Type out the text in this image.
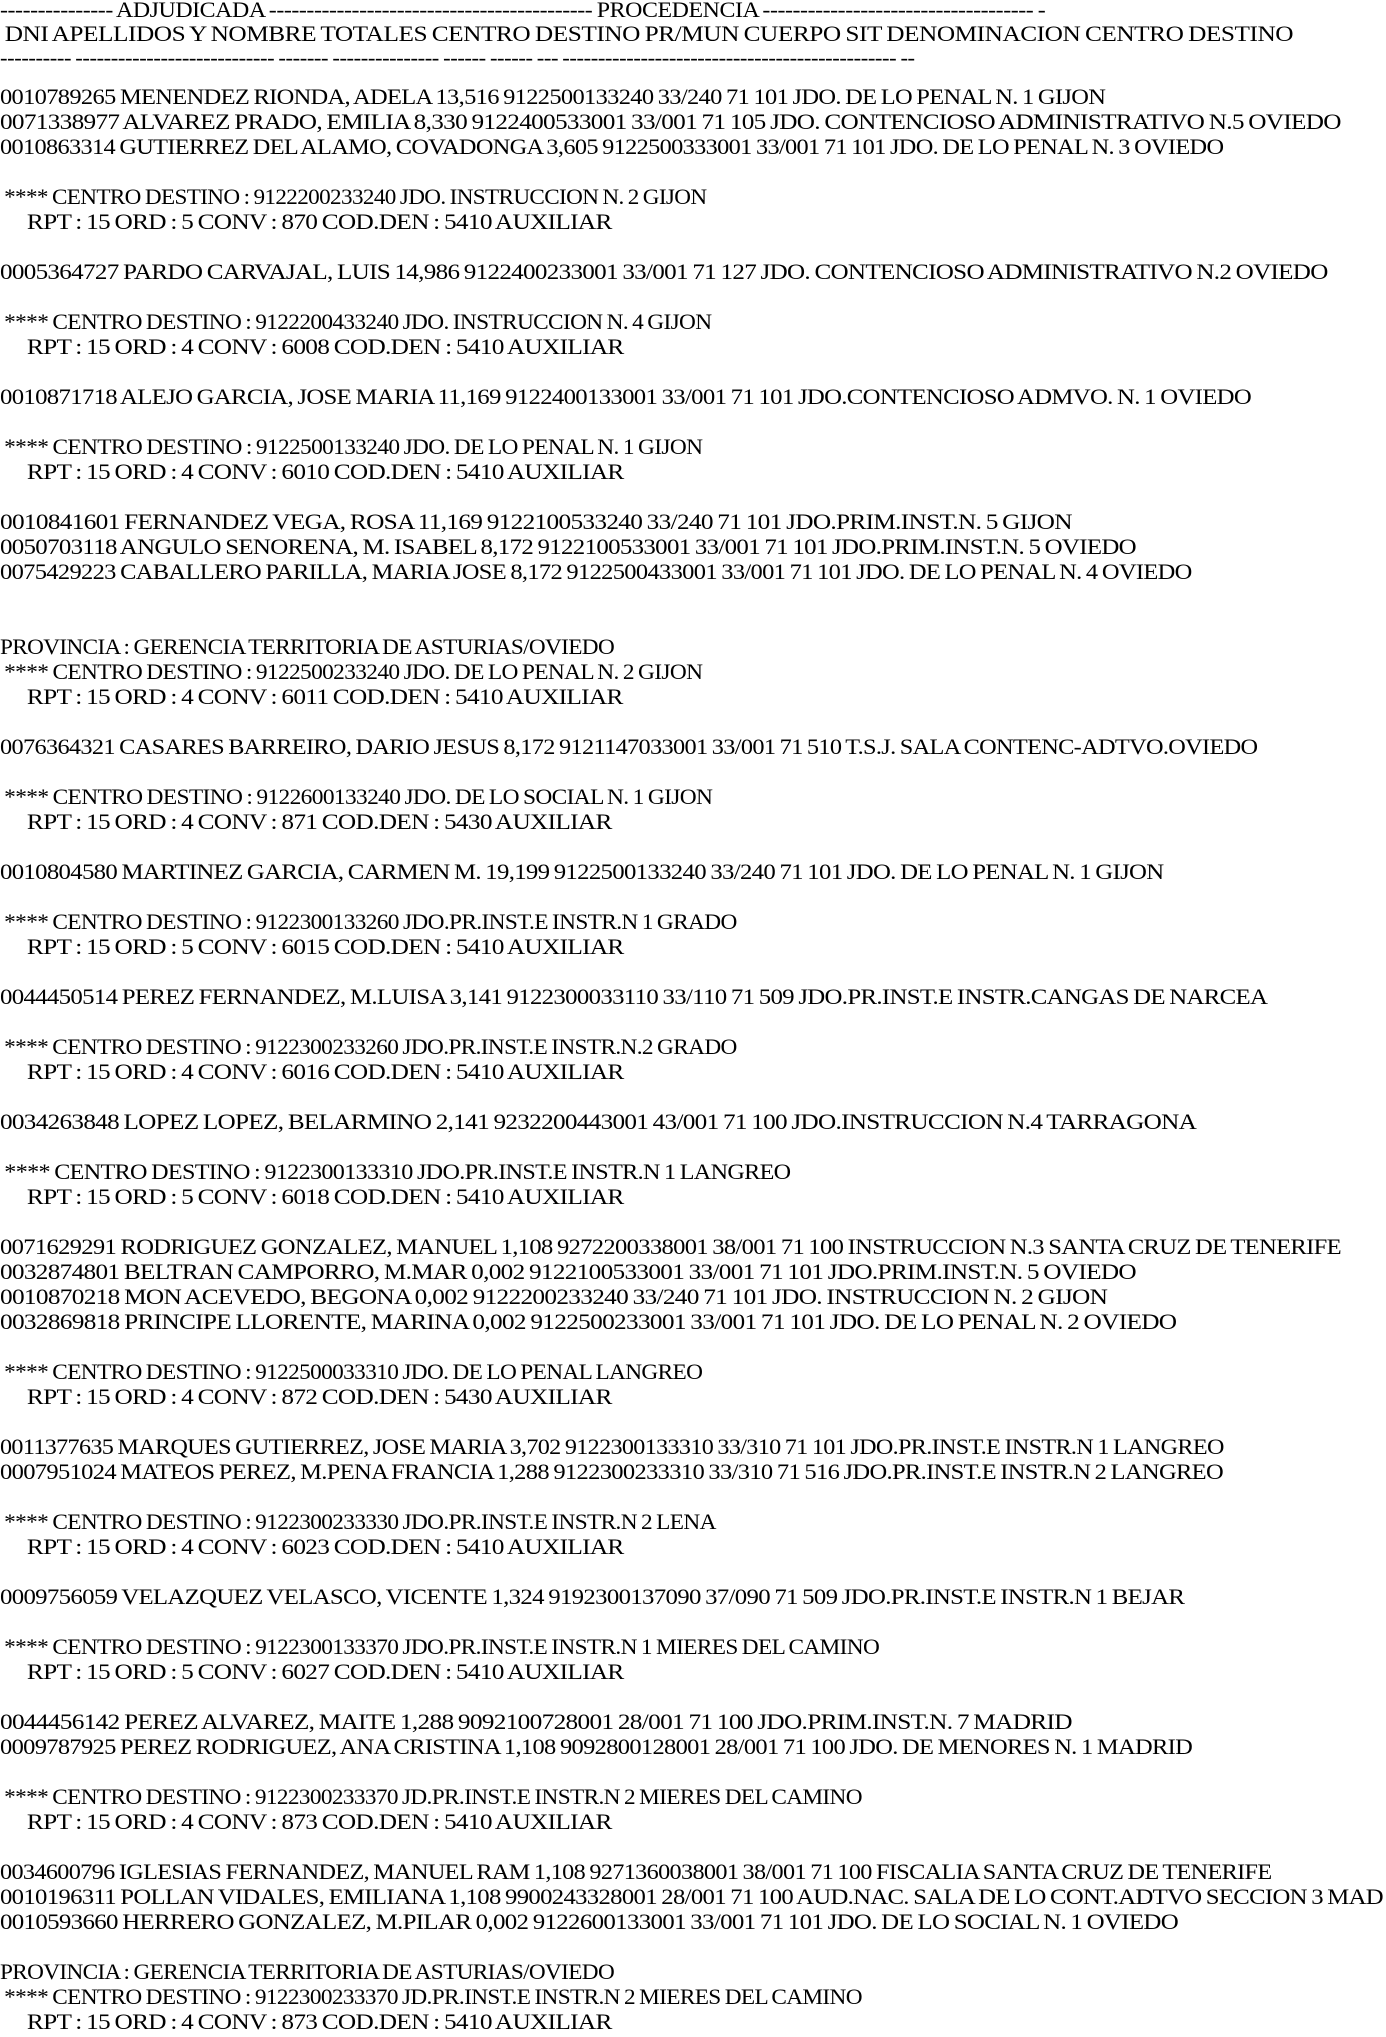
--------------- ADJUDICADA ------------------------------------------- PROCEDENCIA ------------------------------------ -
DNI APELLIDOS Y NOMBRE TOTALES CENTRO DESTINO PR/MUN CUERPO SIT DENOMINACION CENTRO DESTINO
---------- ---------------------------- ------- --------------- ------ ------ --- ----------------------------------------------- --
0010789265 MENENDEZ RIONDA, ADELA 13,516 9122500133240 33/240 71 101 JDO. DE LO PENAL N. 1 GIJON
0071338977 ALVAREZ PRADO, EMILIA 8,330 9122400533001 33/001 71 105 JDO. CONTENCIOSO ADMINISTRATIVO N.5 OVIEDO
0010863314 GUTIERREZ DEL ALAMO, COVADONGA 3,605 9122500333001 33/001 71 101 JDO. DE LO PENAL N. 3 OVIEDO
**** CENTRO DESTINO : 9122200233240 JDO. INSTRUCCION N. 2 GIJON
RPT : 15 ORD : 5 CONV : 870 COD.DEN : 5410 AUXILIAR
0005364727 PARDO CARVAJAL, LUIS 14,986 9122400233001 33/001 71 127 JDO. CONTENCIOSO ADMINISTRATIVO N.2 OVIEDO
**** CENTRO DESTINO : 9122200433240 JDO. INSTRUCCION N. 4 GIJON
RPT : 15 ORD : 4 CONV : 6008 COD.DEN : 5410 AUXILIAR
0010871718 ALEJO GARCIA, JOSE MARIA 11,169 9122400133001 33/001 71 101 JDO.CONTENCIOSO ADMVO. N. 1 OVIEDO
**** CENTRO DESTINO : 9122500133240 JDO. DE LO PENAL N. 1 GIJON
RPT : 15 ORD : 4 CONV : 6010 COD.DEN : 5410 AUXILIAR
0010841601 FERNANDEZ VEGA, ROSA 11,169 9122100533240 33/240 71 101 JDO.PRIM.INST.N. 5 GIJON
0050703118 ANGULO SENORENA, M. ISABEL 8,172 9122100533001 33/001 71 101 JDO.PRIM.INST.N. 5 OVIEDO
0075429223 CABALLERO PARILLA, MARIA JOSE 8,172 9122500433001 33/001 71 101 JDO. DE LO PENAL N. 4 OVIEDO
PROVINCIA : GERENCIA TERRITORIA DE ASTURIAS/OVIEDO
**** CENTRO DESTINO : 9122500233240 JDO. DE LO PENAL N. 2 GIJON
RPT : 15 ORD : 4 CONV : 6011 COD.DEN : 5410 AUXILIAR
0076364321 CASARES BARREIRO, DARIO JESUS 8,172 9121147033001 33/001 71 510 T.S.J. SALA CONTENC-ADTVO.OVIEDO
**** CENTRO DESTINO : 9122600133240 JDO. DE LO SOCIAL N. 1 GIJON
RPT : 15 ORD : 4 CONV : 871 COD.DEN : 5430 AUXILIAR
0010804580 MARTINEZ GARCIA, CARMEN M. 19,199 9122500133240 33/240 71 101 JDO. DE LO PENAL N. 1 GIJON
**** CENTRO DESTINO : 9122300133260 JDO.PR.INST.E INSTR.N 1 GRADO
RPT : 15 ORD : 5 CONV : 6015 COD.DEN : 5410 AUXILIAR
0044450514 PEREZ FERNANDEZ, M.LUISA 3,141 9122300033110 33/110 71 509 JDO.PR.INST.E INSTR.CANGAS DE NARCEA
**** CENTRO DESTINO : 9122300233260 JDO.PR.INST.E INSTR.N.2 GRADO
RPT : 15 ORD : 4 CONV : 6016 COD.DEN : 5410 AUXILIAR
0034263848 LOPEZ LOPEZ, BELARMINO 2,141 9232200443001 43/001 71 100 JDO.INSTRUCCION N.4 TARRAGONA
**** CENTRO DESTINO : 9122300133310 JDO.PR.INST.E INSTR.N 1 LANGREO
RPT : 15 ORD : 5 CONV : 6018 COD.DEN : 5410 AUXILIAR
0071629291 RODRIGUEZ GONZALEZ, MANUEL 1,108 9272200338001 38/001 71 100 INSTRUCCION N.3 SANTA CRUZ DE TENERIFE
0032874801 BELTRAN CAMPORRO, M.MAR 0,002 9122100533001 33/001 71 101 JDO.PRIM.INST.N. 5 OVIEDO
0010870218 MON ACEVEDO, BEGONA 0,002 9122200233240 33/240 71 101 JDO. INSTRUCCION N. 2 GIJON
0032869818 PRINCIPE LLORENTE, MARINA 0,002 9122500233001 33/001 71 101 JDO. DE LO PENAL N. 2 OVIEDO
**** CENTRO DESTINO : 9122500033310 JDO. DE LO PENAL LANGREO
RPT : 15 ORD : 4 CONV : 872 COD.DEN : 5430 AUXILIAR
0011377635 MARQUES GUTIERREZ, JOSE MARIA 3,702 9122300133310 33/310 71 101 JDO.PR.INST.E INSTR.N 1 LANGREO
0007951024 MATEOS PEREZ, M.PENA FRANCIA 1,288 9122300233310 33/310 71 516 JDO.PR.INST.E INSTR.N 2 LANGREO
**** CENTRO DESTINO : 9122300233330 JDO.PR.INST.E INSTR.N 2 LENA
RPT : 15 ORD : 4 CONV : 6023 COD.DEN : 5410 AUXILIAR
0009756059 VELAZQUEZ VELASCO, VICENTE 1,324 9192300137090 37/090 71 509 JDO.PR.INST.E INSTR.N 1 BEJAR
**** CENTRO DESTINO : 9122300133370 JDO.PR.INST.E INSTR.N 1 MIERES DEL CAMINO
RPT : 15 ORD : 5 CONV : 6027 COD.DEN : 5410 AUXILIAR
0044456142 PEREZ ALVAREZ, MAITE 1,288 9092100728001 28/001 71 100 JDO.PRIM.INST.N. 7 MADRID
0009787925 PEREZ RODRIGUEZ, ANA CRISTINA 1,108 9092800128001 28/001 71 100 JDO. DE MENORES N. 1 MADRID
**** CENTRO DESTINO : 9122300233370 JD.PR.INST.E INSTR.N 2 MIERES DEL CAMINO
RPT : 15 ORD : 4 CONV : 873 COD.DEN : 5410 AUXILIAR
0034600796 IGLESIAS FERNANDEZ, MANUEL RAM 1,108 9271360038001 38/001 71 100 FISCALIA SANTA CRUZ DE TENERIFE
0010196311 POLLAN VIDALES, EMILIANA 1,108 9900243328001 28/001 71 100 AUD.NAC. SALA DE LO CONT.ADTVO SECCION 3 MAD
0010593660 HERRERO GONZALEZ, M.PILAR 0,002 9122600133001 33/001 71 101 JDO. DE LO SOCIAL N. 1 OVIEDO
PROVINCIA : GERENCIA TERRITORIA DE ASTURIAS/OVIEDO
**** CENTRO DESTINO : 9122300233370 JD.PR.INST.E INSTR.N 2 MIERES DEL CAMINO
RPT : 15 ORD : 4 CONV : 873 COD.DEN : 5410 AUXILIAR
